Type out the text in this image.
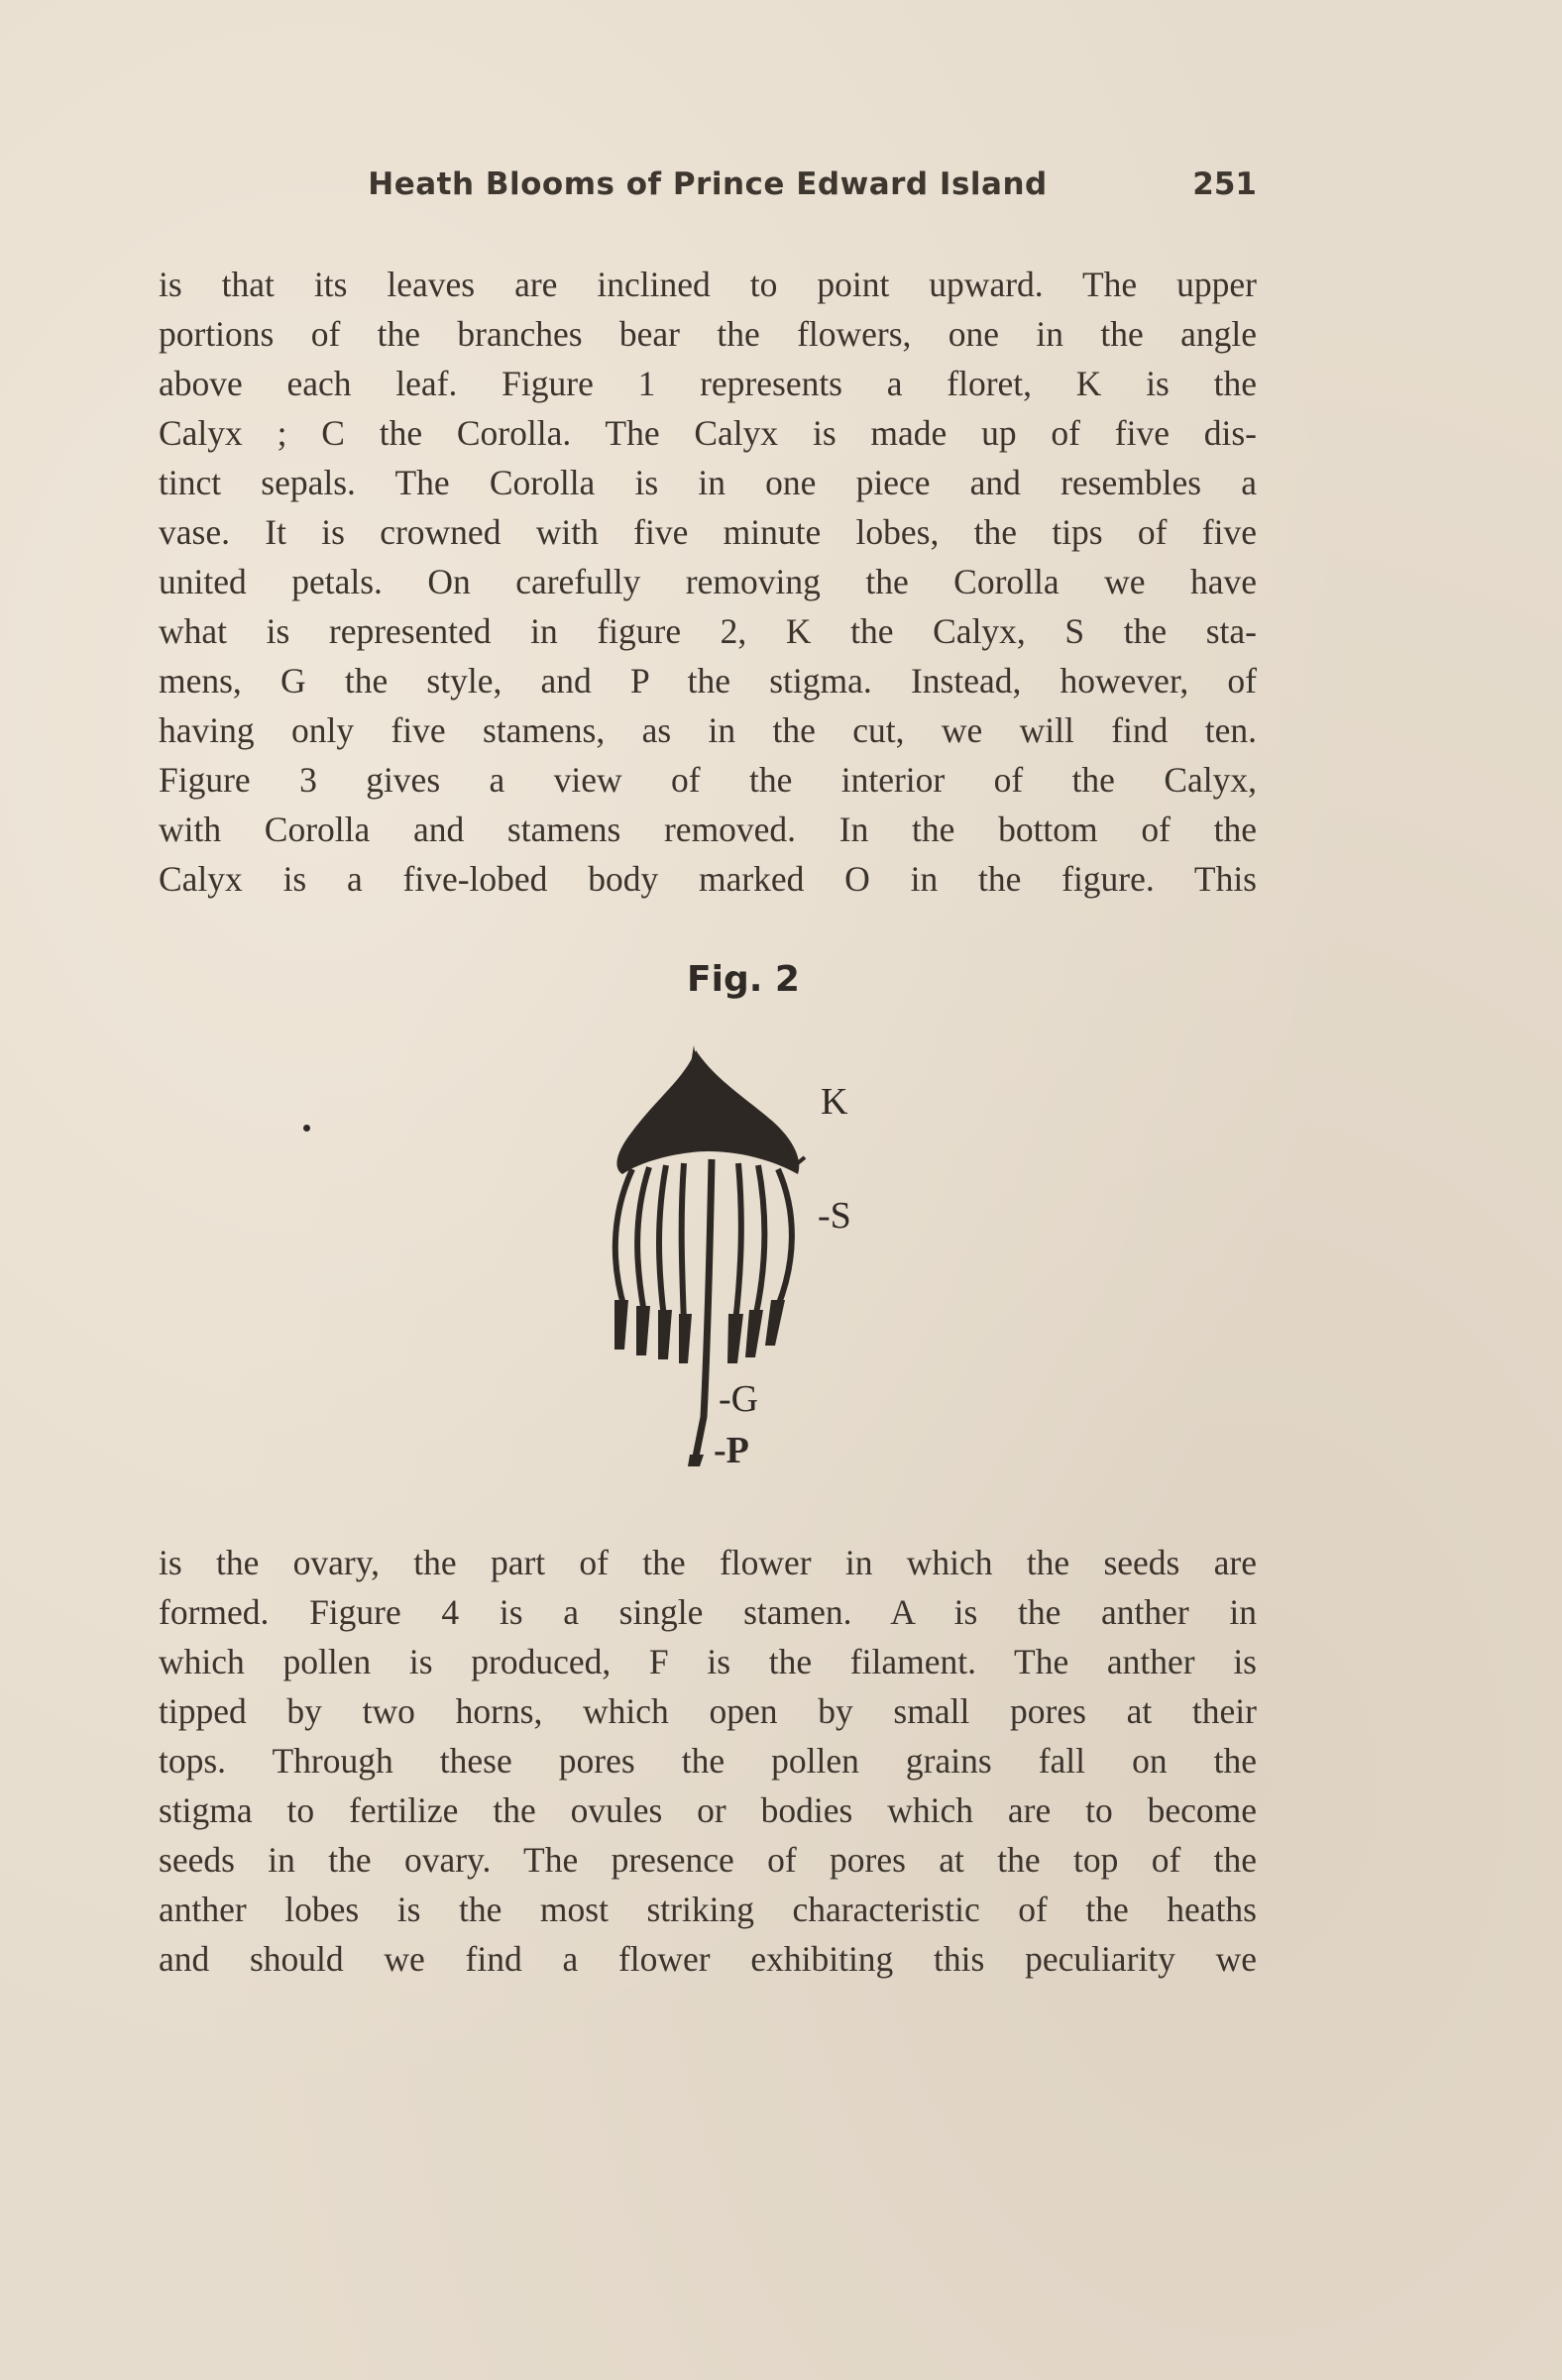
Heath Blooms of Prince Edward Island	251
is that its leaves are inclined to point upward. The upper
portions of the branches bear the flowers, one in the angle
above each leaf. Figure 1 represents a floret, K is the
Calyx ; C the Corolla. The Calyx is made up of five dis-
tinct sepals. The Corolla is in one piece and resembles a
vase. It is crowned with five minute lobes, the tips of five
united petals. On carefully removing the Corolla we have
what is represented in figure 2, K the Calyx, S the sta-
mens, G the style, and P the stigma. Instead, however, of
having only five stamens, as in the cut, we will find ten.
Figure 3 gives a view of the interior of the Calyx,
with Corolla and stamens removed. In the bottom of the
Calyx is a five-lobed body marked O in the figure. This
Fig. 2
K
-S
-G
-P
is the ovary, the part of the flower in which the seeds are
formed. Figure 4 is a single stamen. A is the anther in
which pollen is produced, F is the filament. The anther is
tipped by two horns, which open by small pores at their
tops. Through these pores the pollen grains fall on the
stigma to fertilize the ovules or bodies which are to become
seeds in the ovary. The presence of pores at the top of the
anther lobes is the most striking characteristic of the heaths
and should we find a flower exhibiting this peculiarity we
